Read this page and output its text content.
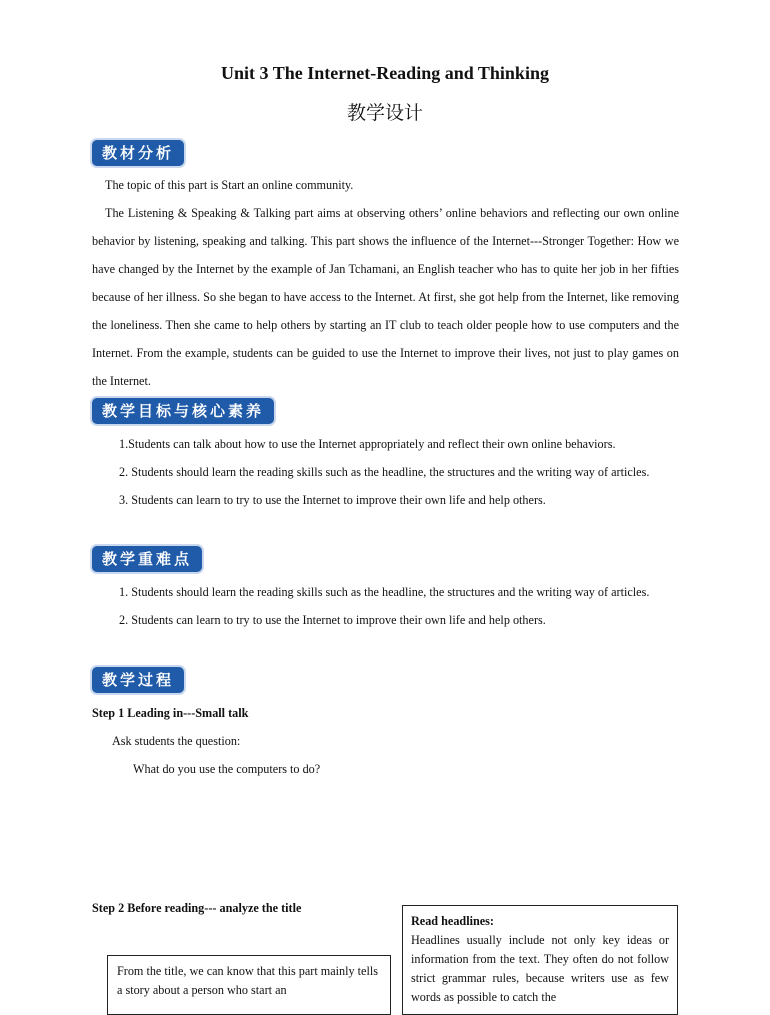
Unit 3 The Internet-Reading and Thinking
教学设计
教材分析

The topic of this part is Start an online community.

The Listening & Speaking & Talking part aims at observing others’ online behaviors and reflecting our own online behavior by listening, speaking and talking. This part shows the influence of the Internet---Stronger Together: How we have changed by the Internet by the example of Jan Tchamani, an English teacher who has to quite her job in her fifties because of her illness. So she began to have access to the Internet. At first, she got help from the Internet, like removing the loneliness. Then she came to help others by starting an IT club to teach older people how to use computers and the Internet. From the example, students can be guided to use the Internet to improve their lives, not just to play games on the Internet.

教学目标与核心素养

1.Students can talk about how to use the Internet appropriately and reflect their own online behaviors.

2. Students should learn the reading skills such as the headline, the structures and the writing way of articles.

3. Students can learn to try to use the Internet to improve their own life and help others.

教学重难点

1. Students should learn the reading skills such as the headline, the structures and the writing way of articles.

2. Students can learn to try to use the Internet to improve their own life and help others.

教学过程
Step 1 Leading in---Small talk
Ask students the question:
What do you use the computers to do?
Step 2 Before reading--- analyze the title
Read headlines:
Headlines usually include not only key ideas or information from the text. They often do not follow strict grammar rules, because writers use as few words as possible to catch the
From the title, we can know that this part mainly tells a story about a person who start an
